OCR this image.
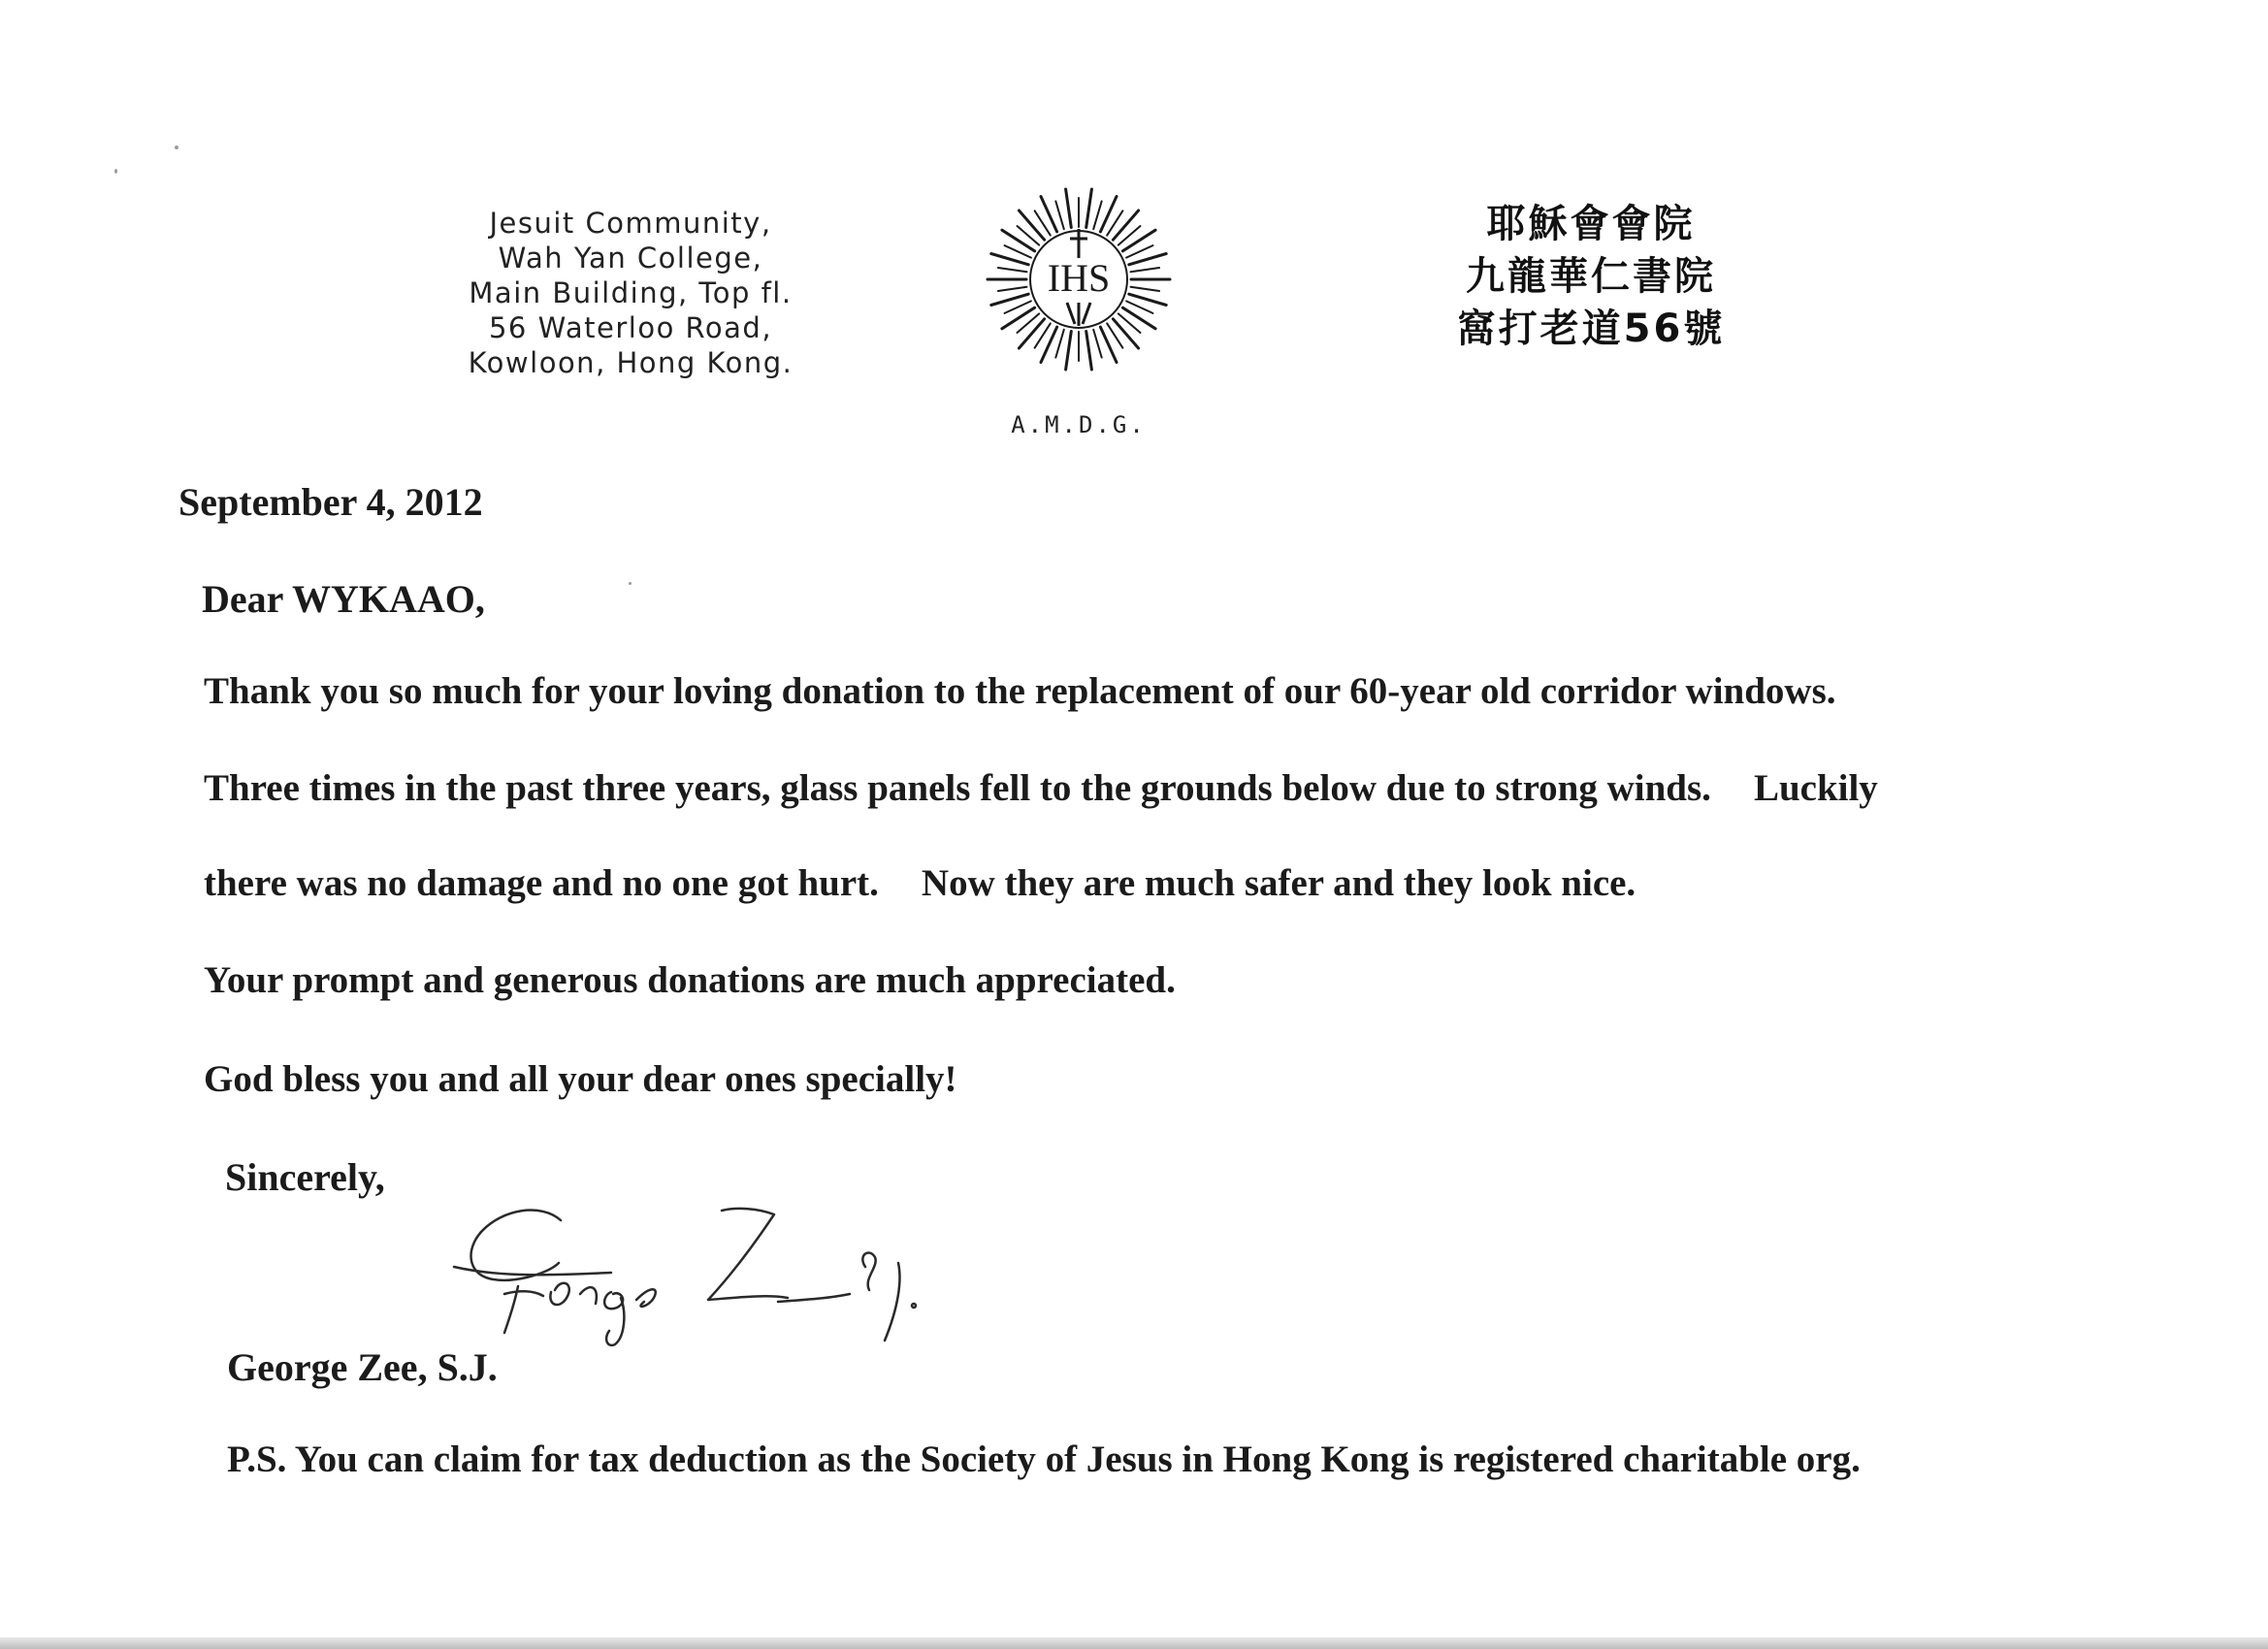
Jesuit Community,
Wah Yan College,
Main Building, Top fl.
56 Waterloo Road,
Kowloon, Hong Kong.
IHS
A.M.D.G.
耶穌會會院
九龍華仁書院
窩打老道56號
September 4, 2012
Dear WYKAAO,
Thank you so much for your loving donation to the replacement of our 60-year old corridor windows.
Three times in the past three years, glass panels fell to the grounds below due to strong winds. Luckily
there was no damage and no one got hurt. Now they are much safer and they look nice.
Your prompt and generous donations are much appreciated.
God bless you and all your dear ones specially!
Sincerely,
George Zee, S.J.
P.S. You can claim for tax deduction as the Society of Jesus in Hong Kong is registered charitable org.
